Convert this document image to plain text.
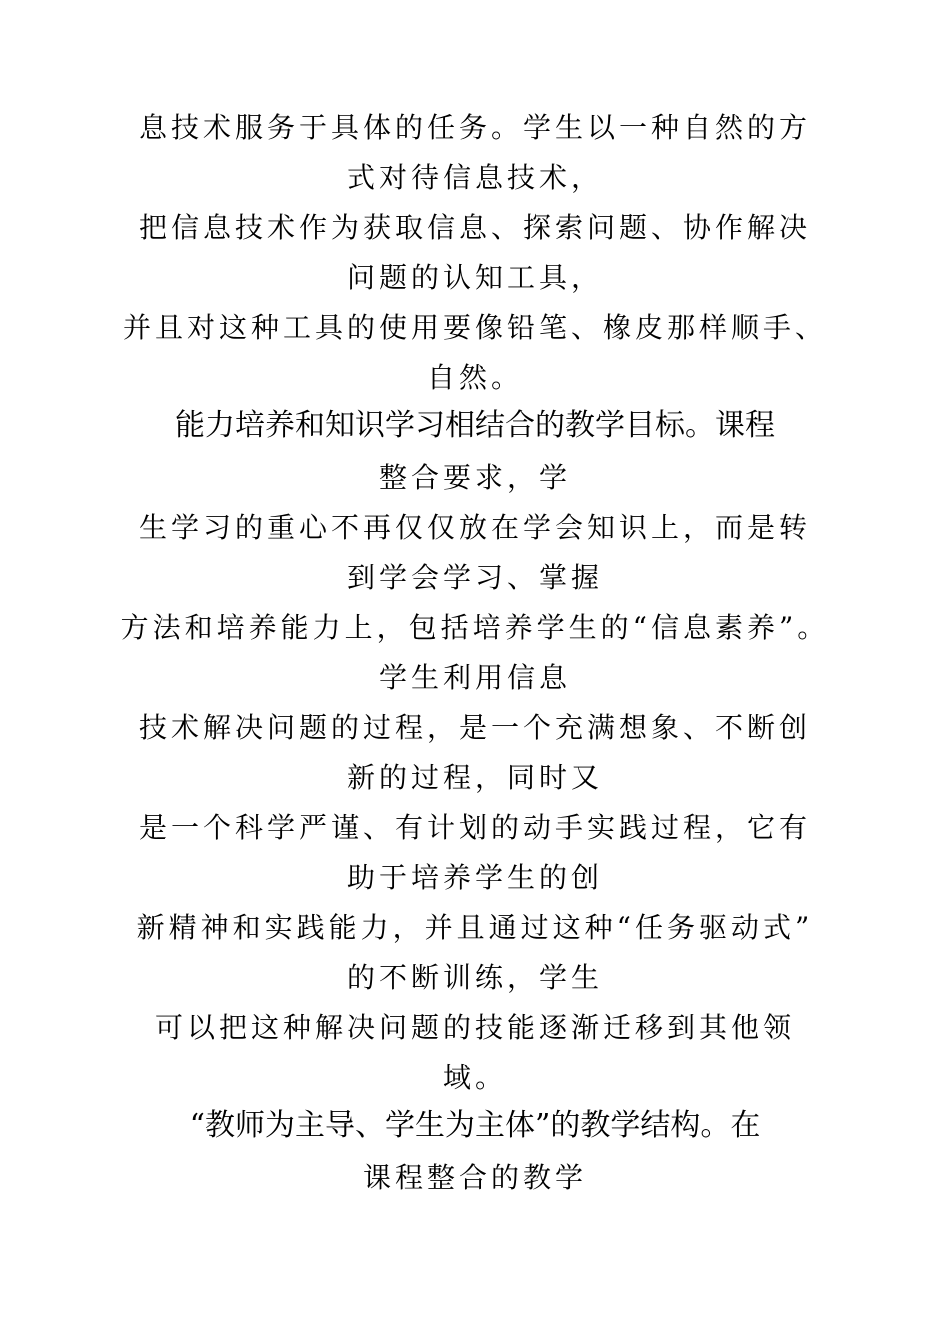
息技术服务于具体的任务。学生以一种自然的方
式对待信息技术，
把信息技术作为获取信息、探索问题、协作解决
问题的认知工具，
并且对这种工具的使用要像铅笔、橡皮那样顺手、
自然。
能力培养和知识学习相结合的教学目标。课程
整合要求，学
生学习的重心不再仅仅放在学会知识上，而是转
到学会学习、掌握
方法和培养能力上，包括培养学生的“信息素养”。
学生利用信息
技术解决问题的过程，是一个充满想象、不断创
新的过程，同时又
是一个科学严谨、有计划的动手实践过程，它有
助于培养学生的创
新精神和实践能力，并且通过这种“任务驱动式”
的不断训练，学生
可以把这种解决问题的技能逐渐迁移到其他领
域。
“教师为主导、学生为主体”的教学结构。在
课程整合的教学
